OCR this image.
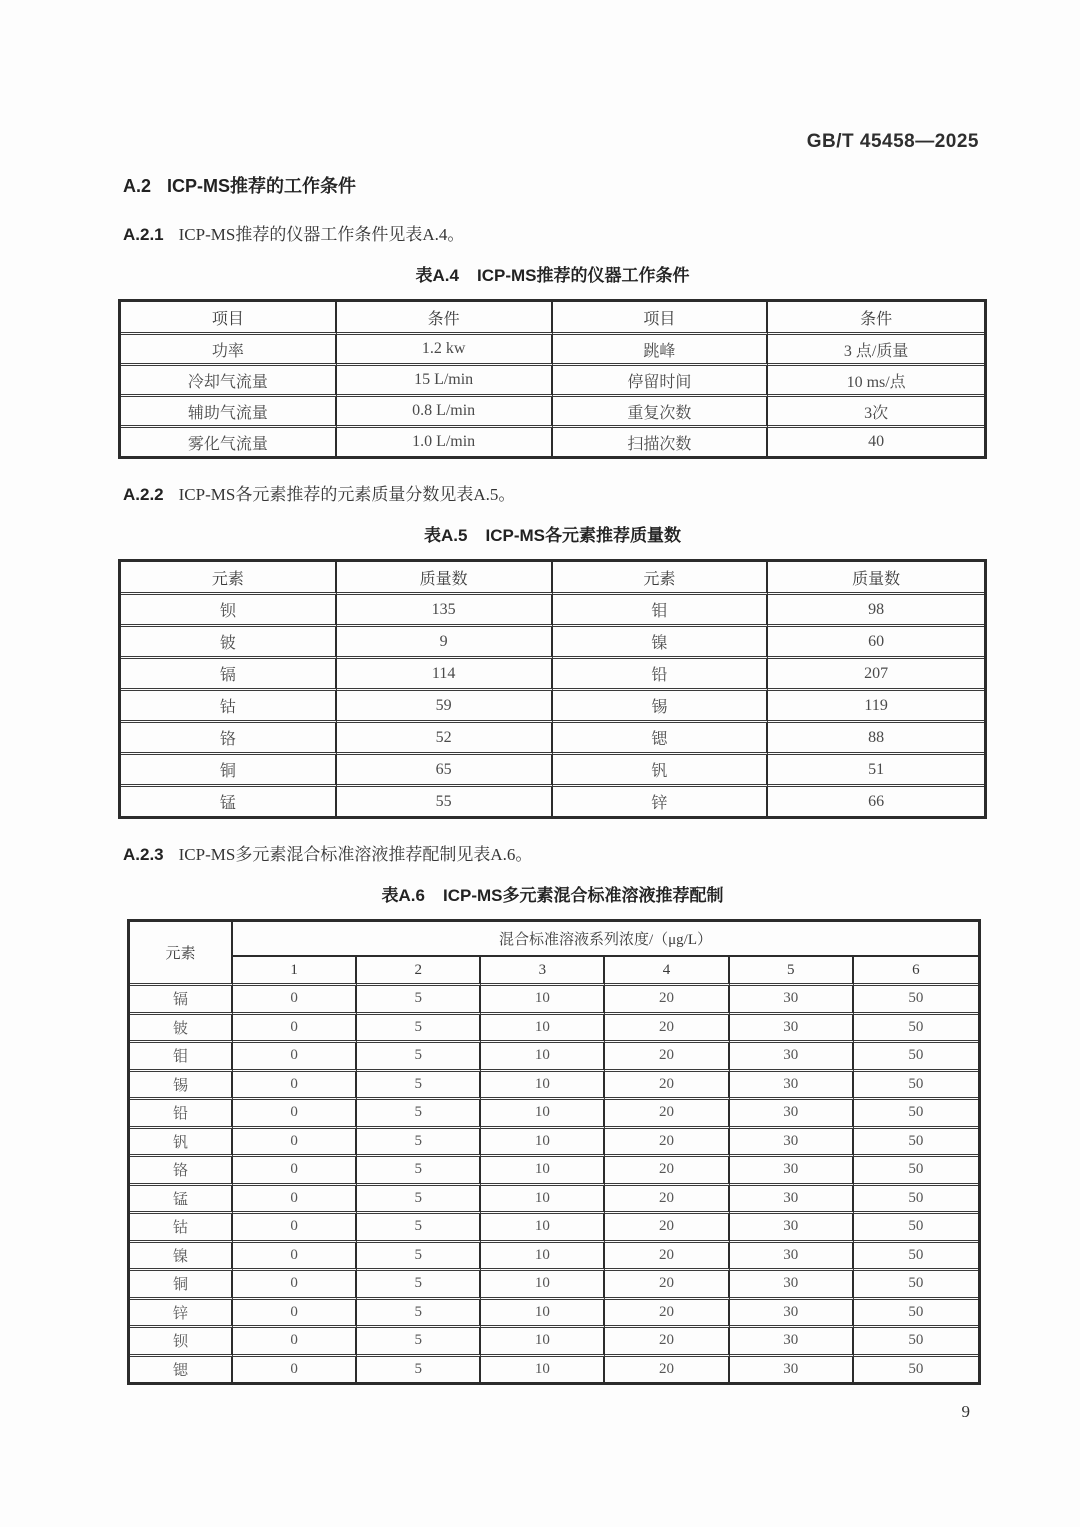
GB/T 45458—2025
A.2 ICP-MS推荐的工作条件
A.2.1 ICP-MS推荐的仪器工作条件见表A.4。
表A.4 ICP-MS推荐的仪器工作条件
项目	条件	项目	条件
功率	1.2 kw	跳峰	3 点/质量
冷却气流量	15 L/min	停留时间	10 ms/点
辅助气流量	0.8 L/min	重复次数	3次
雾化气流量	1.0 L/min	扫描次数	40
A.2.2 ICP-MS各元素推荐的元素质量分数见表A.5。
表A.5 ICP-MS各元素推荐质量数
元素	质量数	元素	质量数
钡	135	钼	98
铍	9	镍	60
镉	114	铅	207
钴	59	锡	119
铬	52	锶	88
铜	65	钒	51
锰	55	锌	66
A.2.3 ICP-MS多元素混合标准溶液推荐配制见表A.6。
表A.6 ICP-MS多元素混合标准溶液推荐配制
元素	混合标准溶液系列浓度/（μg/L）					
	1	2	3	4	5	6
镉	0	5	10	20	30	50
铍	0	5	10	20	30	50
钼	0	5	10	20	30	50
锡	0	5	10	20	30	50
铅	0	5	10	20	30	50
钒	0	5	10	20	30	50
铬	0	5	10	20	30	50
锰	0	5	10	20	30	50
钴	0	5	10	20	30	50
镍	0	5	10	20	30	50
铜	0	5	10	20	30	50
锌	0	5	10	20	30	50
钡	0	5	10	20	30	50
锶	0	5	10	20	30	50
9
